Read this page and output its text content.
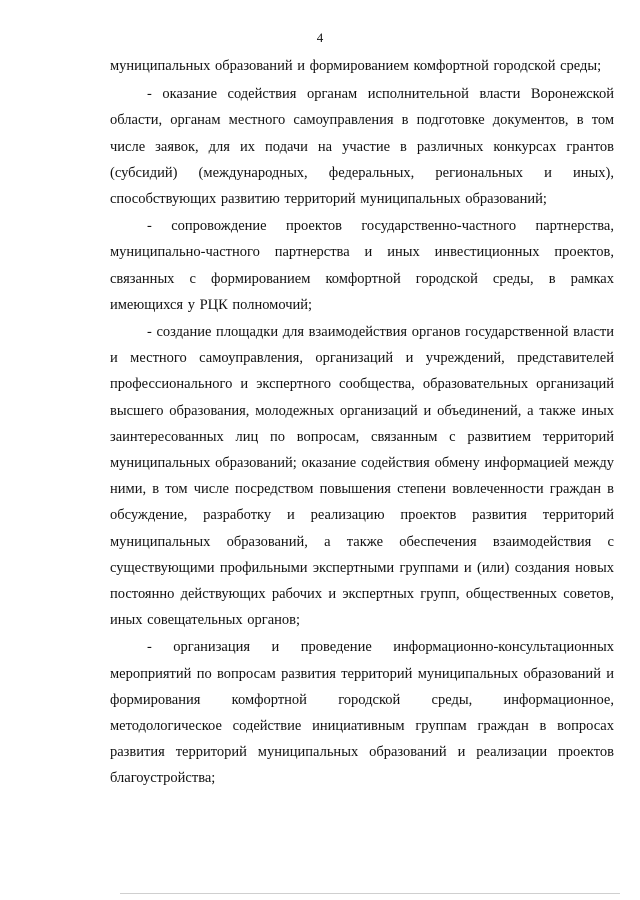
4

муниципальных образований и формированием комфортной городской среды;

- оказание содействия органам исполнительной власти Воронежской области, органам местного самоуправления в подготовке документов, в том числе заявок, для их подачи на участие в различных конкурсах грантов (субсидий) (международных, федеральных, региональных и иных), способствующих развитию территорий муниципальных образований;

- сопровождение проектов государственно-частного партнерства, муниципально-частного партнерства и иных инвестиционных проектов, связанных с формированием комфортной городской среды, в рамках имеющихся у РЦК полномочий;

- создание площадки для взаимодействия органов государственной власти и местного самоуправления, организаций и учреждений, представителей профессионального и экспертного сообщества, образовательных организаций высшего образования, молодежных организаций и объединений, а также иных заинтересованных лиц по вопросам, связанным с развитием территорий муниципальных образований; оказание содействия обмену информацией между ними, в том числе посредством повышения степени вовлеченности граждан в обсуждение, разработку и реализацию проектов развития территорий муниципальных образований, а также обеспечения взаимодействия с существующими профильными экспертными группами и (или) создания новых постоянно действующих рабочих и экспертных групп, общественных советов, иных совещательных органов;

- организация и проведение информационно-консультационных мероприятий по вопросам развития территорий муниципальных образований и формирования комфортной городской среды, информационное, методологическое содействие инициативным группам граждан в вопросах развития территорий муниципальных образований и реализации проектов благоустройства;
